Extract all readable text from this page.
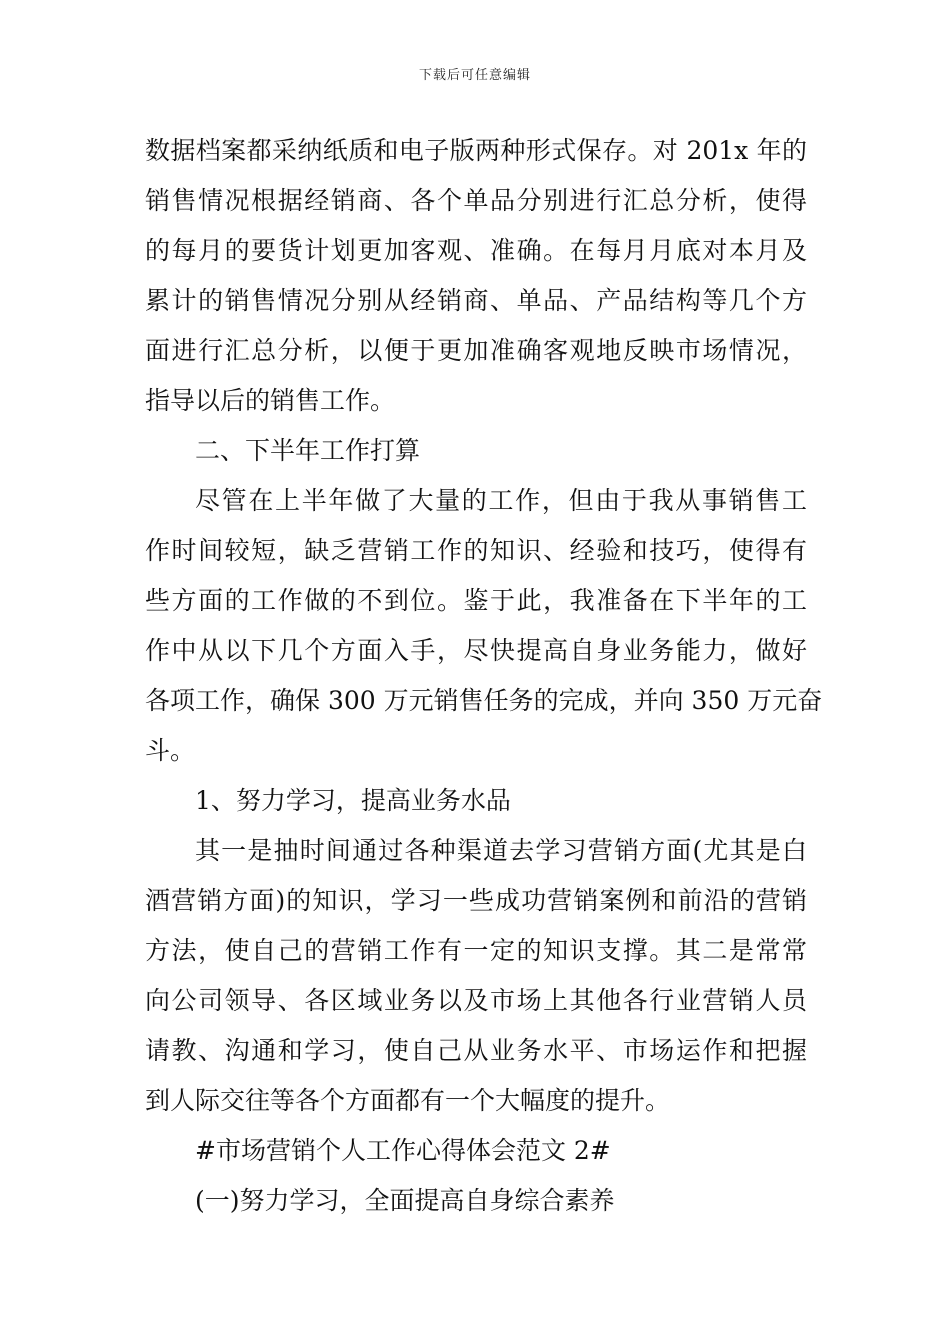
下载后可任意编辑
数据档案都采纳纸质和电子版两种形式保存。对 201x 年的
销售情况根据经销商、各个单品分别进行汇总分析，使得
的每月的要货计划更加客观、准确。在每月月底对本月及
累计的销售情况分别从经销商、单品、产品结构等几个方
面进行汇总分析，以便于更加准确客观地反映市场情况，
指导以后的销售工作。
二、下半年工作打算
尽管在上半年做了大量的工作，但由于我从事销售工
作时间较短，缺乏营销工作的知识、经验和技巧，使得有
些方面的工作做的不到位。鉴于此，我准备在下半年的工
作中从以下几个方面入手，尽快提高自身业务能力，做好
各项工作，确保 300 万元销售任务的完成，并向 350 万元奋
斗。
1、努力学习，提高业务水品
其一是抽时间通过各种渠道去学习营销方面(尤其是白
酒营销方面)的知识，学习一些成功营销案例和前沿的营销
方法，使自己的营销工作有一定的知识支撑。其二是常常
向公司领导、各区域业务以及市场上其他各行业营销人员
请教、沟通和学习，使自己从业务水平、市场运作和把握
到人际交往等各个方面都有一个大幅度的提升。
#市场营销个人工作心得体会范文 2#
(一)努力学习，全面提高自身综合素养
